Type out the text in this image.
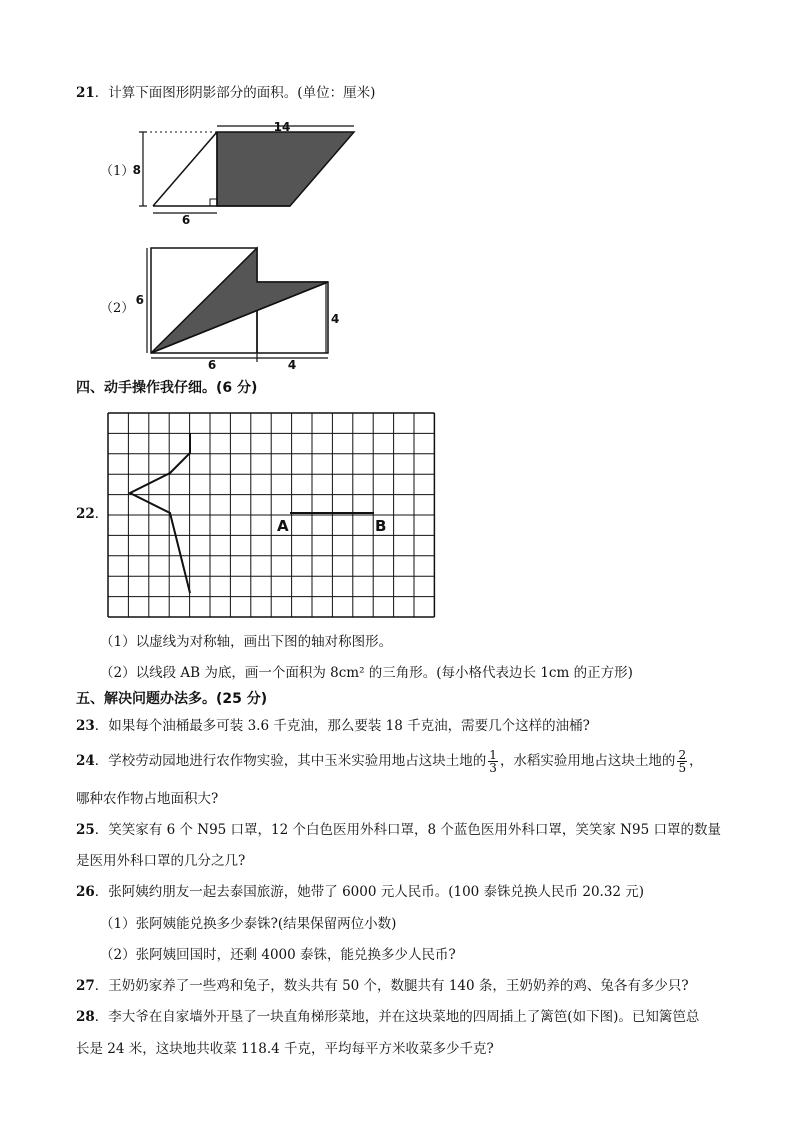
21．计算下面图形阴影部分的面积。(单位：厘米)
（1）
14
8
6
（2）
6
6	4
4
四、动手操作我仔细。(6 分)
22．
A	B
（1）以虚线为对称轴，画出下图的轴对称图形。
（2）以线段 AB 为底，画一个面积为 8cm² 的三角形。(每小格代表边长 1cm 的正方形)
五、解决问题办法多。(25 分)
23．如果每个油桶最多可装 3.6 千克油，那么要装 18 千克油，需要几个这样的油桶?
24．学校劳动园地进行农作物实验，其中玉米实验用地占这块土地的 $\frac{1}{3}$ ，水稻实验用地占这块土地的 $\frac{2}{5}$ ，
哪种农作物占地面积大?
25．笑笑家有 6 个 N95 口罩，12 个白色医用外科口罩，8 个蓝色医用外科口罩，笑笑家 N95 口罩的数量
是医用外科口罩的几分之几?
26．张阿姨约朋友一起去泰国旅游，她带了 6000 元人民币。(100 泰铢兑换人民币 20.32 元)
（1）张阿姨能兑换多少泰铢?(结果保留两位小数)
（2）张阿姨回国时，还剩 4000 泰铢，能兑换多少人民币?
27．王奶奶家养了一些鸡和兔子，数头共有 50 个，数腿共有 140 条，王奶奶养的鸡、兔各有多少只?
28．李大爷在自家墙外开垦了一块直角梯形菜地，并在这块菜地的四周插上了篱笆(如下图)。已知篱笆总
长是 24 米，这块地共收菜 118.4 千克，平均每平方米收菜多少千克?
